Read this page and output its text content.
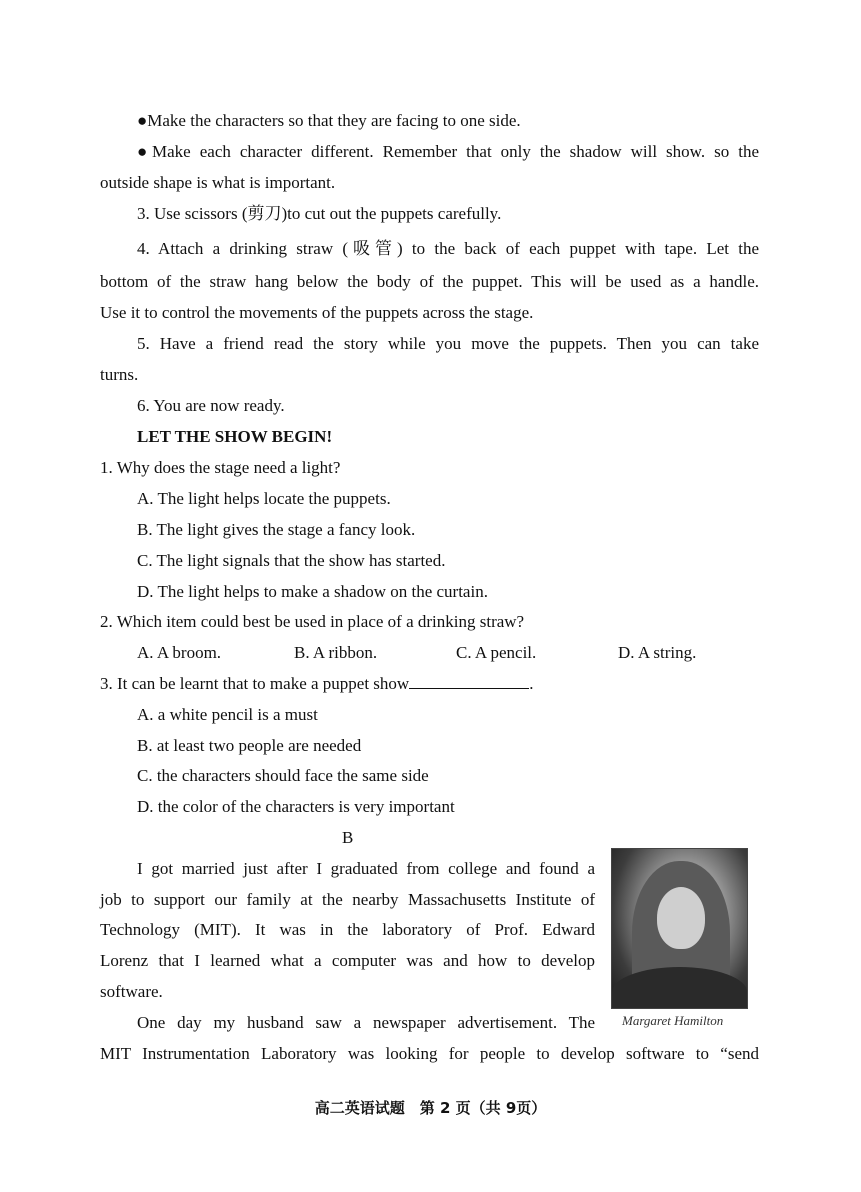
●Make the characters so that they are facing to one side.
●Make each character different. Remember that only the shadow will show. so the
outside shape is what is important.
3. Use scissors (剪刀)to cut out the puppets carefully.
4. Attach a drinking straw (吸管) to the back of each puppet with tape. Let the
bottom of the straw hang below the body of the puppet. This will be used as a handle.
Use it to control the movements of the puppets across the stage.
5. Have a friend read the story while you move the puppets. Then you can take
turns.
6. You are now ready.
LET THE SHOW BEGIN!
1. Why does the stage need a light?
A. The light helps locate the puppets.
B. The light gives the stage a fancy look.
C. The light signals that the show has started.
D. The light helps to make a shadow on the curtain.
2. Which item could best be used in place of a drinking straw?
A. A broom.	B. A ribbon.	C. A pencil.	D. A string.
3. It can be learnt that to make a puppet show	.
A. a white pencil is a must
B. at least two people are needed
C. the characters should face the same side
D. the color of the characters is very important
B
I got married just after I graduated from college and found a
job to support our family at the nearby Massachusetts Institute of
Technology (MIT). It was in the laboratory of Prof. Edward
Lorenz that I learned what a computer was and how to develop
software.
One day my husband saw a newspaper advertisement. The
MIT Instrumentation Laboratory was looking for people to develop software to “send
Margaret Hamilton
高二英语试题　第 2 页（共 9页）
